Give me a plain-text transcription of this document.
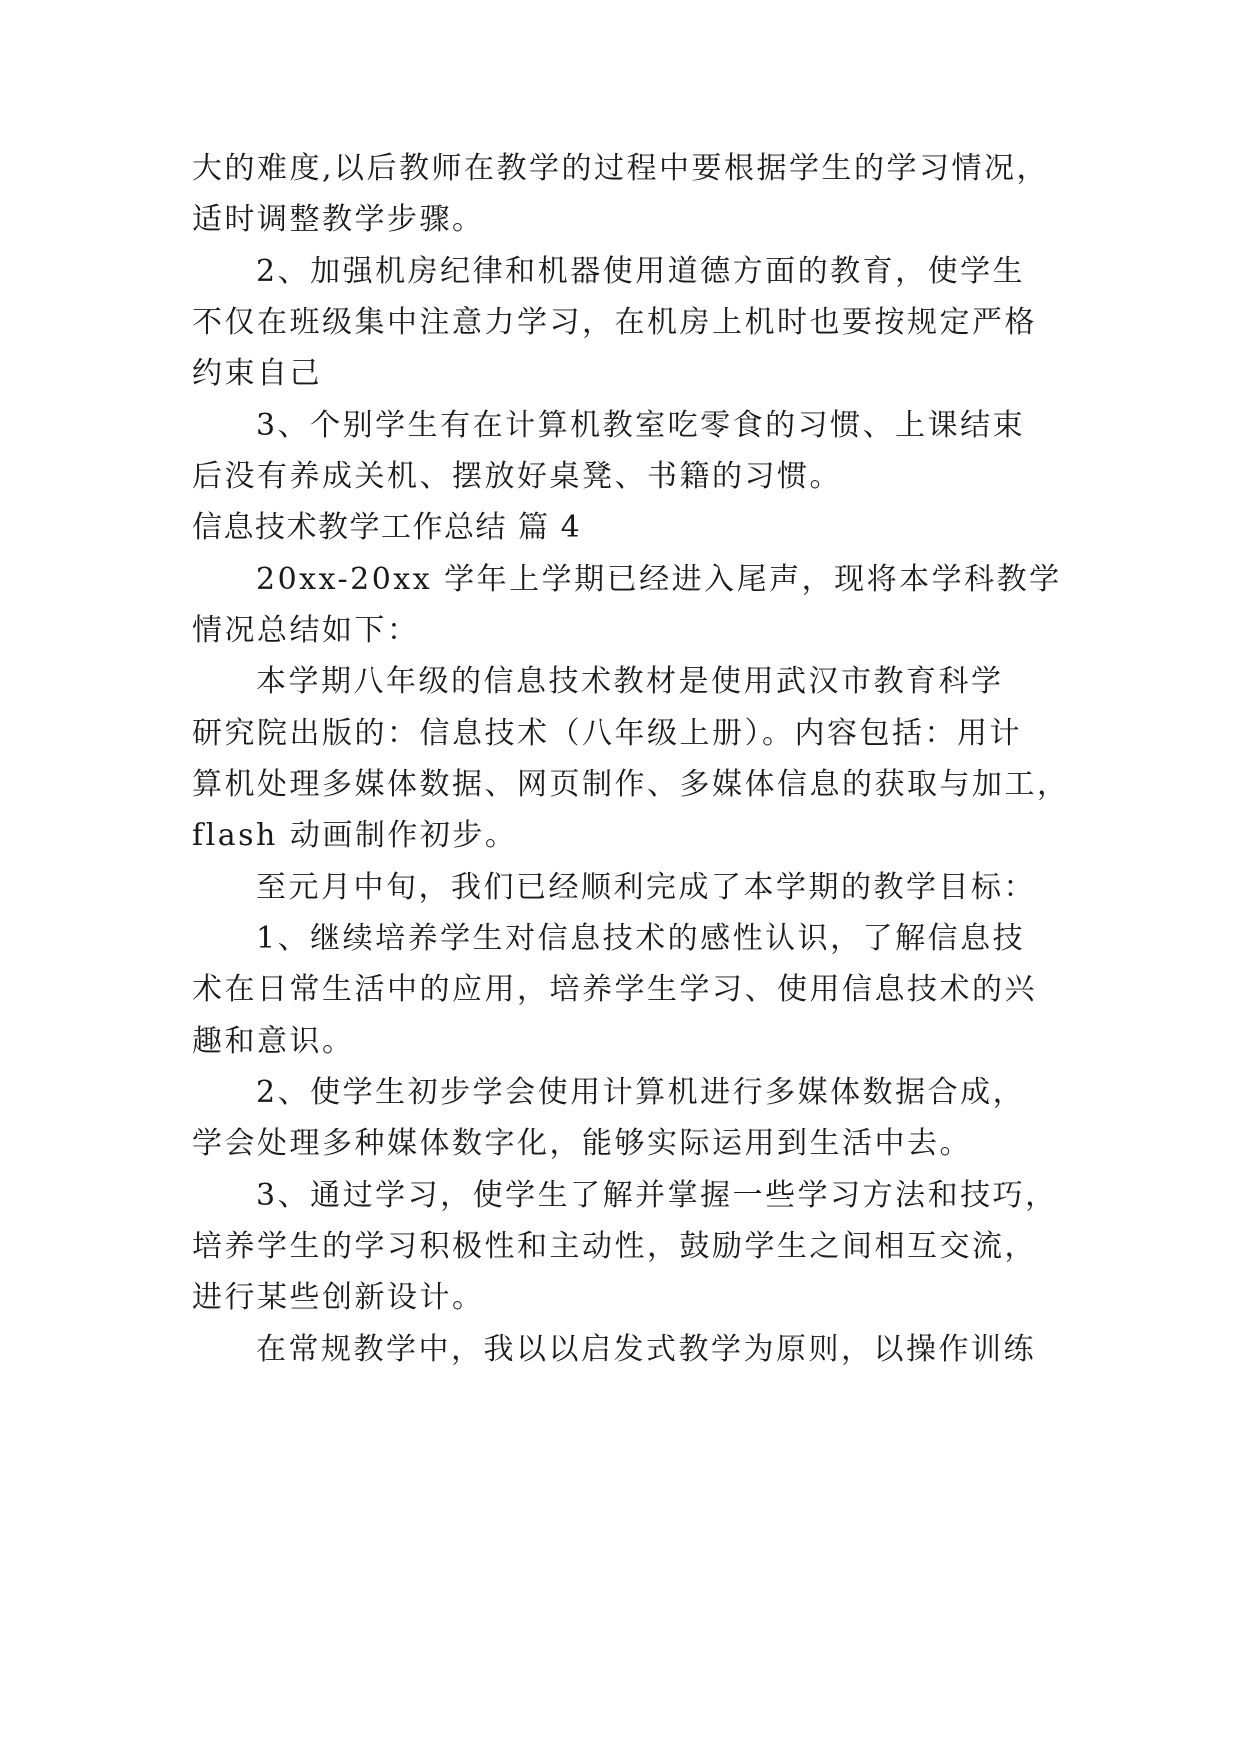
大的难度,以后教师在教学的过程中要根据学生的学习情况，

适时调整教学步骤。

2、加强机房纪律和机器使用道德方面的教育，使学生

不仅在班级集中注意力学习，在机房上机时也要按规定严格

约束自己

3、个别学生有在计算机教室吃零食的习惯、上课结束

后没有养成关机、摆放好桌凳、书籍的习惯。

信息技术教学工作总结 篇 4

20xx-20xx 学年上学期已经进入尾声，现将本学科教学

情况总结如下：

本学期八年级的信息技术教材是使用武汉市教育科学

研究院出版的：信息技术（八年级上册）。内容包括：用计

算机处理多媒体数据、网页制作、多媒体信息的获取与加工，

flash 动画制作初步。

至元月中旬，我们已经顺利完成了本学期的教学目标：

1、继续培养学生对信息技术的感性认识，了解信息技

术在日常生活中的应用，培养学生学习、使用信息技术的兴

趣和意识。

2、使学生初步学会使用计算机进行多媒体数据合成，

学会处理多种媒体数字化，能够实际运用到生活中去。

3、通过学习，使学生了解并掌握一些学习方法和技巧，

培养学生的学习积极性和主动性，鼓励学生之间相互交流，

进行某些创新设计。

在常规教学中，我以以启发式教学为原则，以操作训练
